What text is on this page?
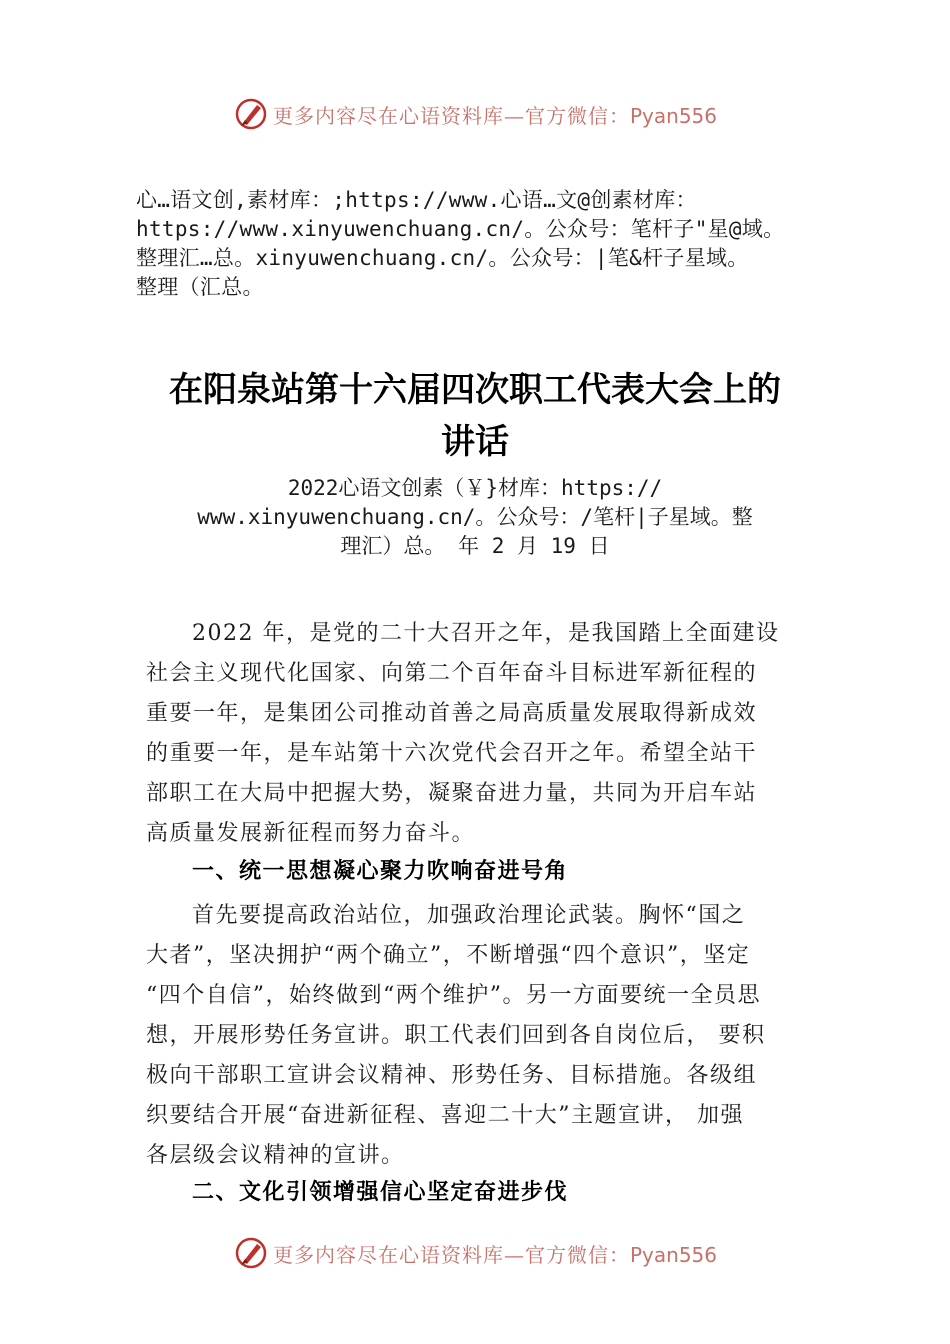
更多内容尽在心语资料库—官方微信：Pyan556
心…语文创,素材库：;https://www.心语…文@创素材库：
https://www.xinyuwenchuang.cn/。公众号：笔杆子"星@域。
整理汇…总。xinyuwenchuang.cn/。公众号：|笔&杆子星域。
整理（汇总。
在阳泉站第十六届四次职工代表大会上的
讲话
2022心语文创素（￥}材库：https://
www.xinyuwenchuang.cn/。公众号：/笔杆|子星域。整
理汇）总。 年 2 月 19 日
2022 年，是党的二十大召开之年，是我国踏上全面建设
社会主义现代化国家、向第二个百年奋斗目标进军新征程的
重要一年，是集团公司推动首善之局高质量发展取得新成效
的重要一年，是车站第十六次党代会召开之年。希望全站干
部职工在大局中把握大势，凝聚奋进力量，共同为开启车站
高质量发展新征程而努力奋斗。
一、统一思想凝心聚力吹响奋进号角
首先要提高政治站位，加强政治理论武装。胸怀“国之
大者”，坚决拥护“两个确立”，不断增强“四个意识”，坚定
“四个自信”，始终做到“两个维护”。另一方面要统一全员思
想，开展形势任务宣讲。职工代表们回到各自岗位后， 要积
极向干部职工宣讲会议精神、形势任务、目标措施。各级组
织要结合开展“奋进新征程、喜迎二十大”主题宣讲， 加强
各层级会议精神的宣讲。
二、文化引领增强信心坚定奋进步伐
更多内容尽在心语资料库—官方微信：Pyan556
